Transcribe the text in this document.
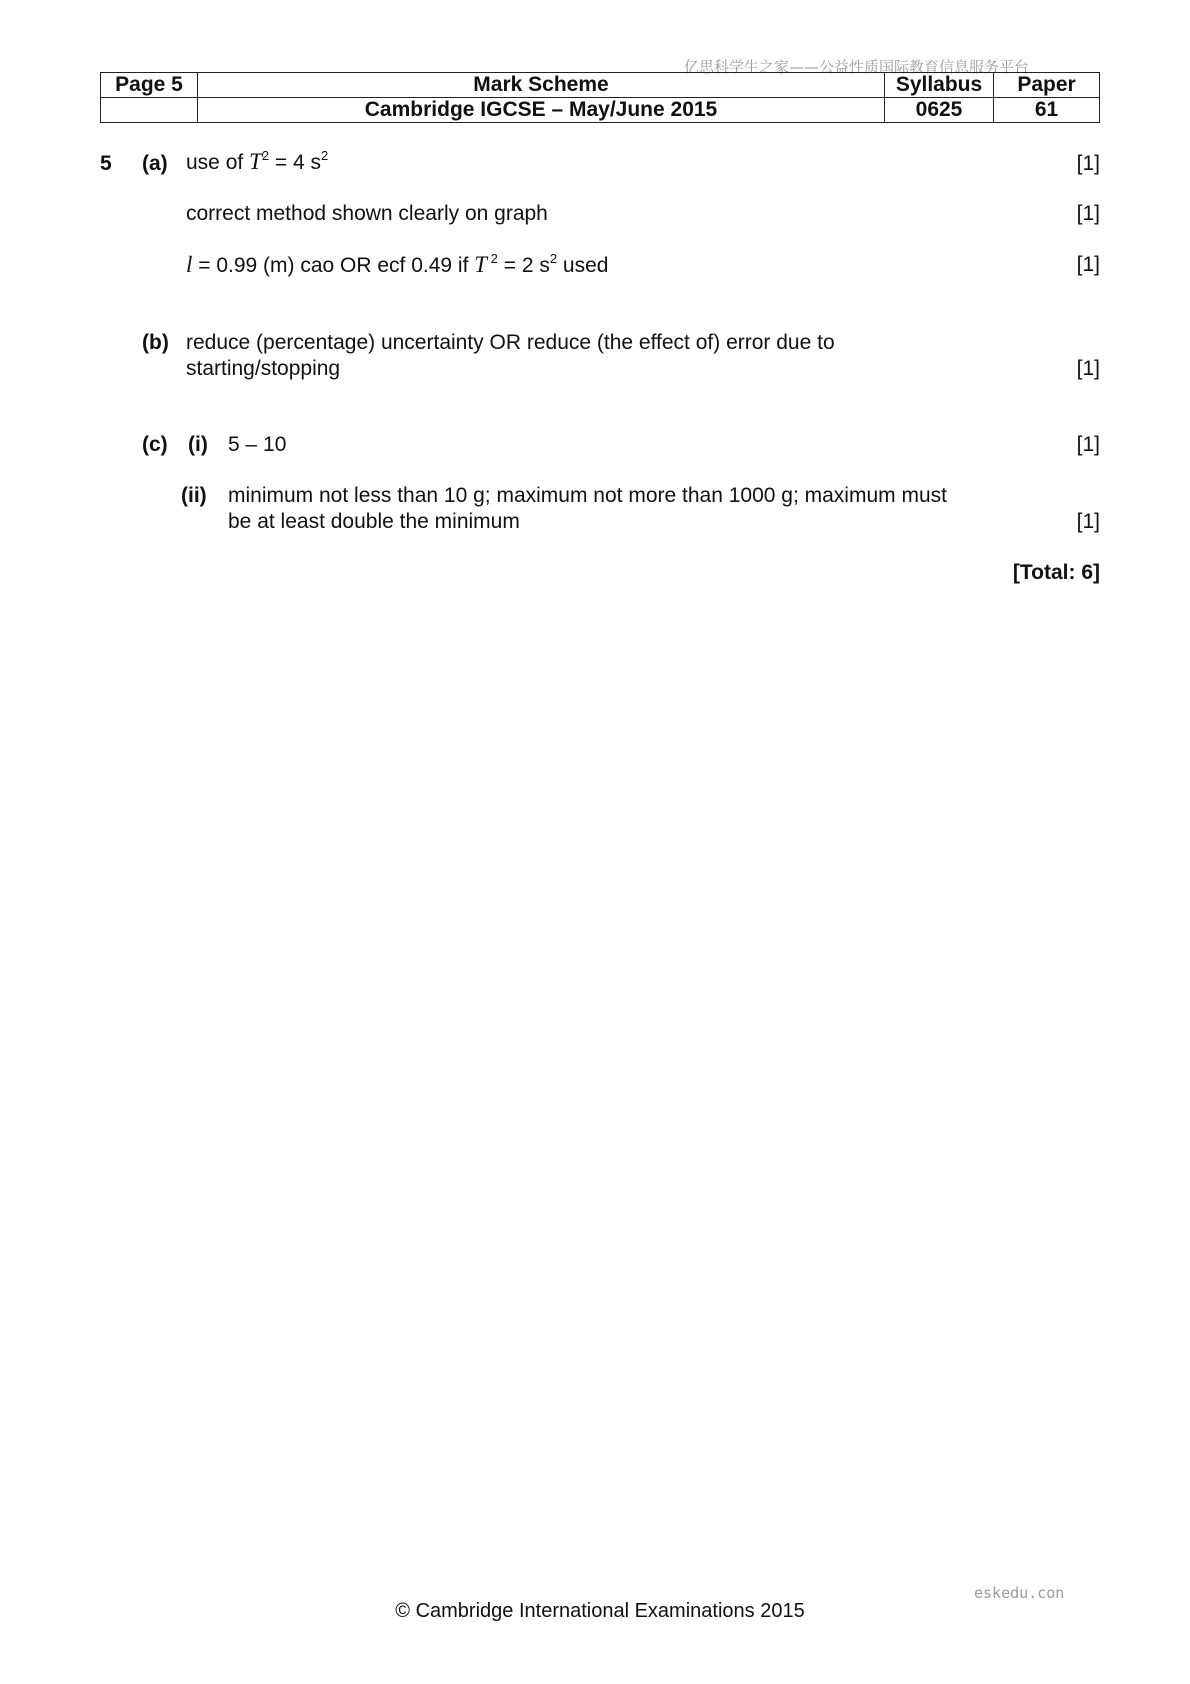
亿思科学生之家——公益性质国际教育信息服务平台
Page 5	Mark Scheme	Syllabus	Paper
	Cambridge IGCSE – May/June 2015	0625	61
5 (a) use of $T^2 = 4$ $s^2$	[1]
correct method shown clearly on graph	[1]
l = 0.99 (m) cao OR ecf 0.49 if T $^2$ = 2 $s^2$ used	[1]
(b) reduce (percentage) uncertainty OR reduce (the effect of) error due to
starting/stopping	[1]
(c) (i) 5 – 10	[1]
(ii) minimum not less than 10 g; maximum not more than 1000 g; maximum must
be at least double the minimum	[1]
[Total: 6]
eskedu.con
© Cambridge International Examinations 2015
